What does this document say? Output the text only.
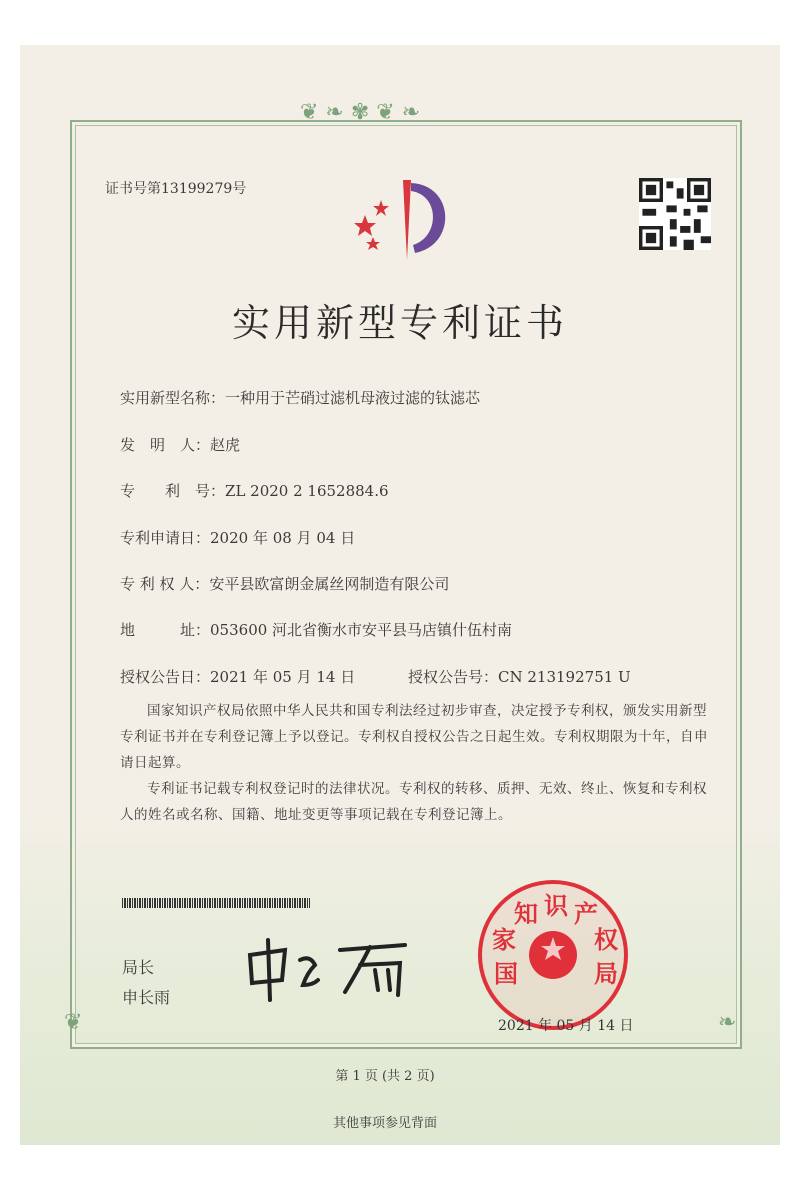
❦ ❧ ✾ ❦ ❧
❦	❧
证书号第13199279号
实用新型专利证书
实用新型名称：一种用于芒硝过滤机母液过滤的钛滤芯
发　明　人：赵虎
专　　利　号：ZL 2020 2 1652884.6
专利申请日：2020 年 08 月 04 日
专 利 权 人：安平县欧富朗金属丝网制造有限公司
地　　　址：053600 河北省衡水市安平县马店镇什伍村南
授权公告日：2021 年 05 月 14 日	授权公告号：CN 213192751 U
国家知识产权局依照中华人民共和国专利法经过初步审查，决定授予专利权，颁发实用新型专利证书并在专利登记簿上予以登记。专利权自授权公告之日起生效。专利权期限为十年，自申请日起算。
专利证书记载专利权登记时的法律状况。专利权的转移、质押、无效、终止、恢复和专利权人的姓名或名称、国籍、地址变更等事项记载在专利登记簿上。
局长
申长雨
国
家
知 识 产
权
局
2021 年 05 月 14 日
第 1 页 (共 2 页)
其他事项参见背面
